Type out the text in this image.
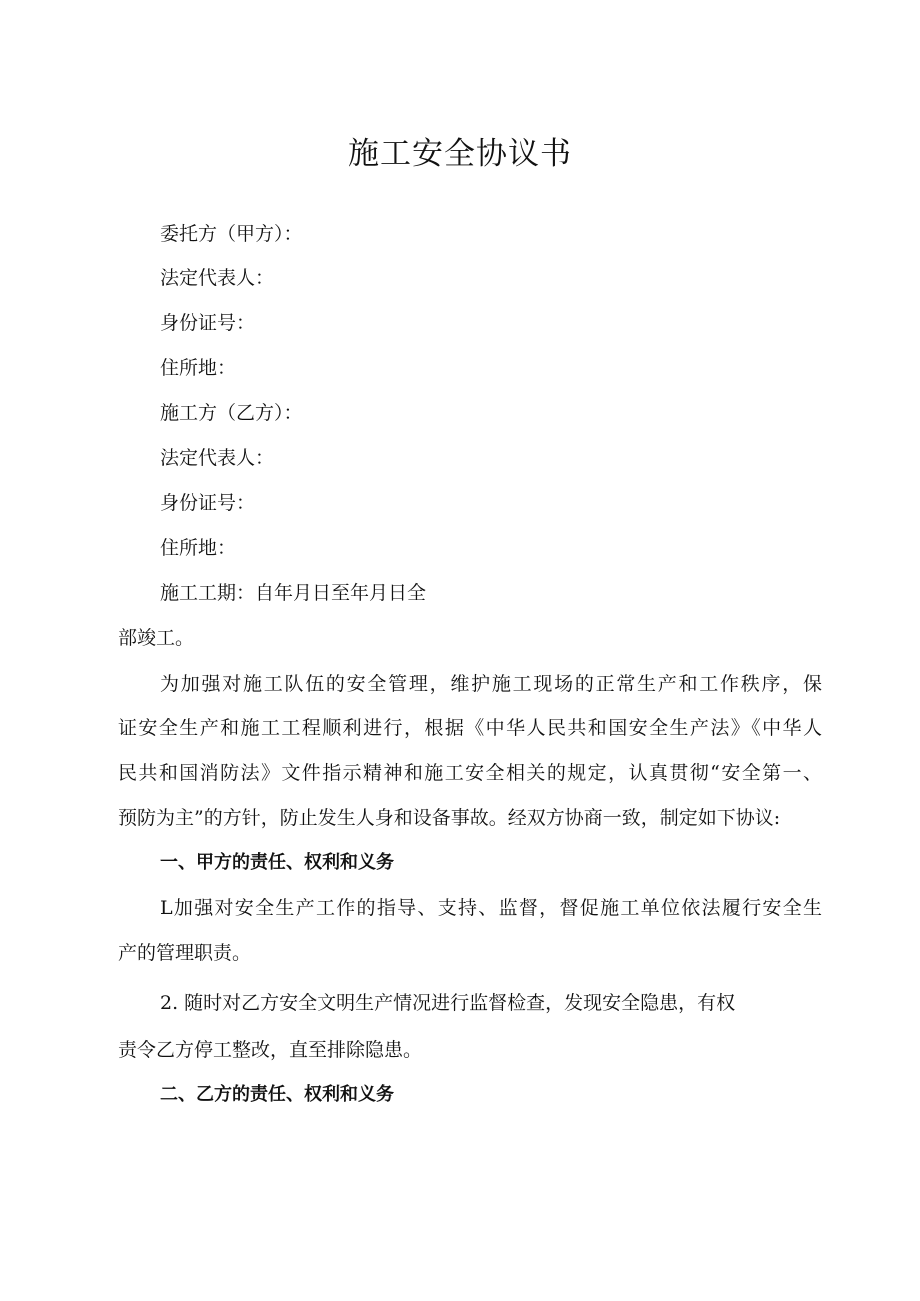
施工安全协议书
委托方（甲方）：
法定代表人：
身份证号：
住所地：
施工方（乙方）：
法定代表人：
身份证号：
住所地：
施工工期：自年月日至年月日全
部竣工。
为加强对施工队伍的安全管理，维护施工现场的正常生产和工作秩序，保
证安全生产和施工工程顺利进行，根据《中华人民共和国安全生产法》《中华人
民共和国消防法》文件指示精神和施工安全相关的规定，认真贯彻“安全第一、
预防为主”的方针，防止发生人身和设备事故。经双方协商一致，制定如下协议:
一、甲方的责任、权利和义务
L加强对安全生产工作的指导、支持、监督，督促施工单位依法履行安全生
产的管理职责。
2. 随时对乙方安全文明生产情况进行监督检查，发现安全隐患，有权
责令乙方停工整改，直至排除隐患。
二、乙方的责任、权利和义务
